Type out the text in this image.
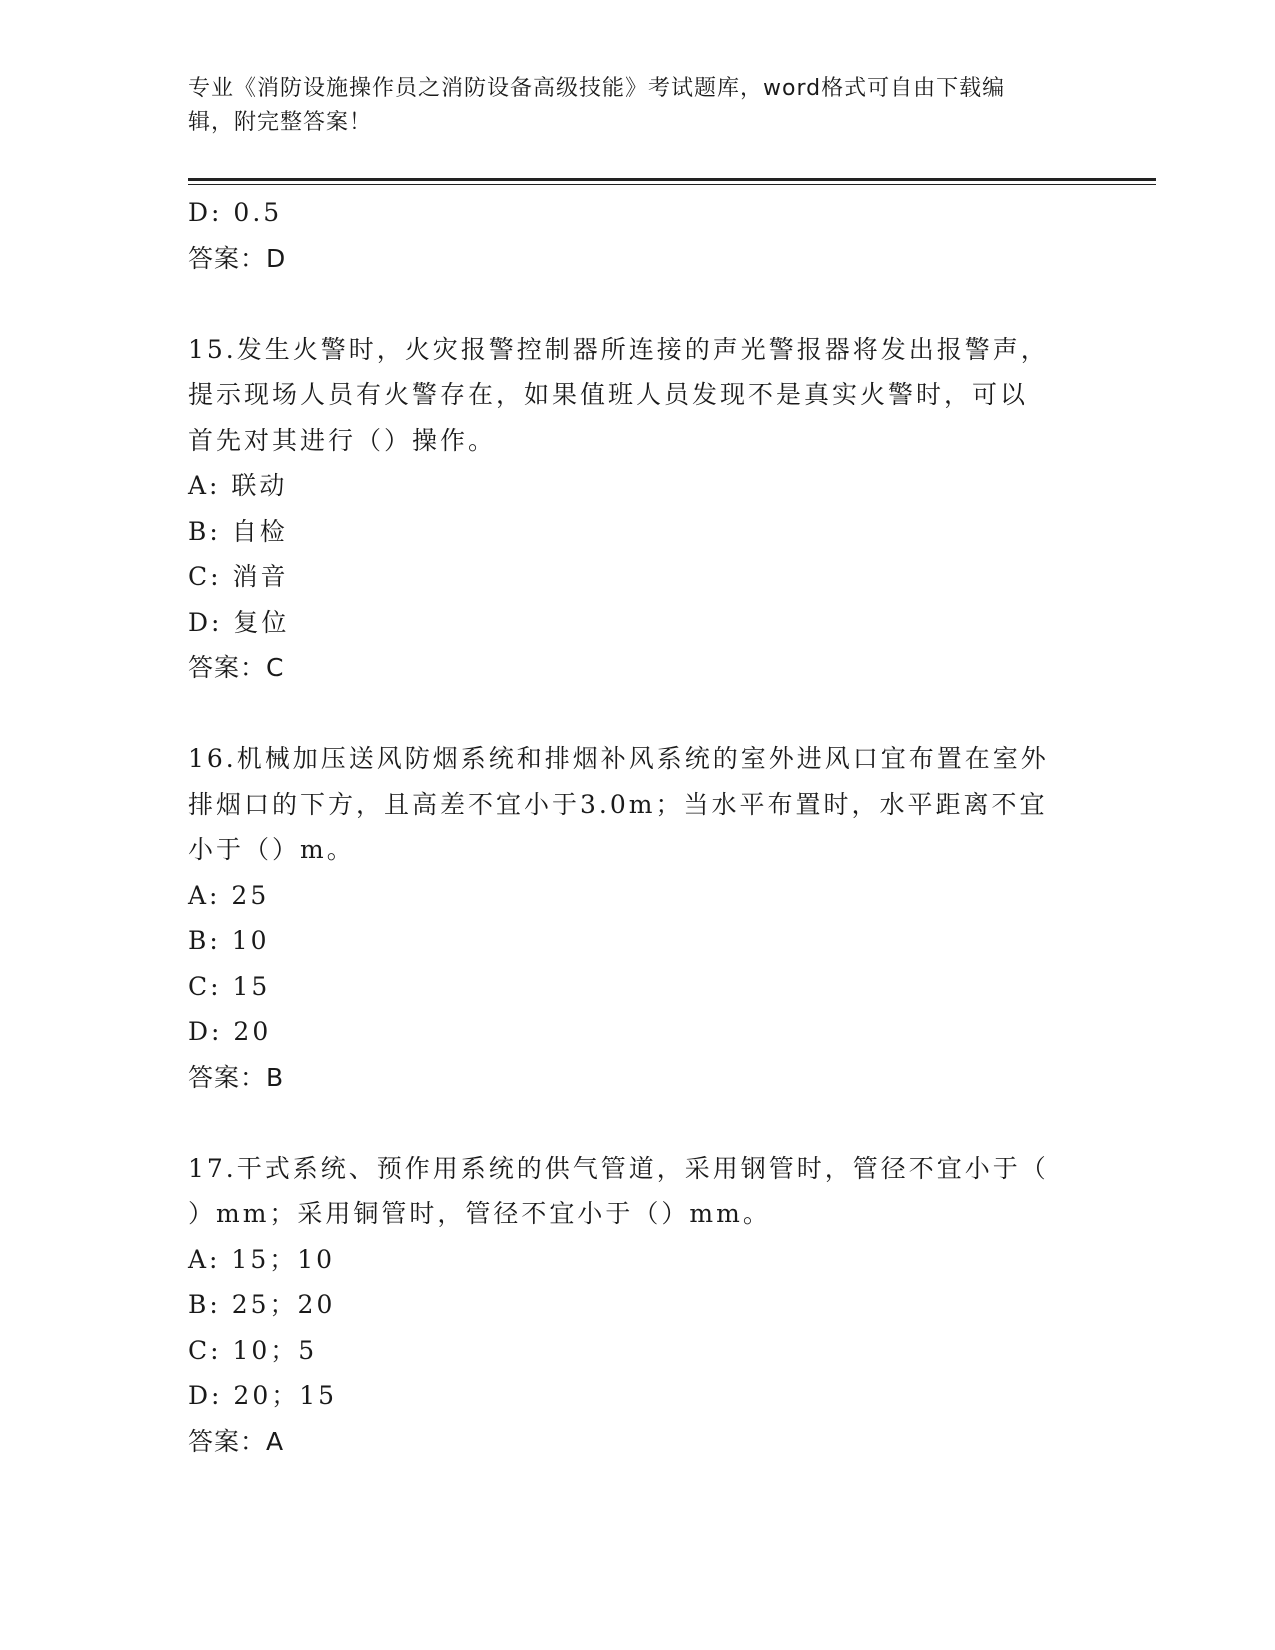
专业《消防设施操作员之消防设备高级技能》考试题库，word格式可自由下载编
辑，附完整答案！
D: 0.5
答案：D
15.发生火警时，火灾报警控制器所连接的声光警报器将发出报警声，
提示现场人员有火警存在，如果值班人员发现不是真实火警时，可以
首先对其进行（）操作。
A: 联动
B: 自检
C: 消音
D: 复位
答案：C
16.机械加压送风防烟系统和排烟补风系统的室外进风口宜布置在室外
排烟口的下方，且高差不宜小于3.0m；当水平布置时，水平距离不宜
小于（）m。
A: 25
B: 10
C: 15
D: 20
答案：B
17.干式系统、预作用系统的供气管道，采用钢管时，管径不宜小于（
）mm；采用铜管时，管径不宜小于（）mm。
A: 15；10
B: 25；20
C: 10；5
D: 20；15
答案：A
